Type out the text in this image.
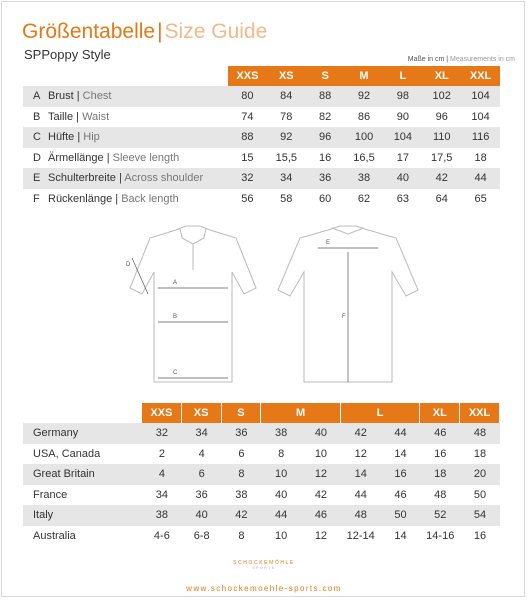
Größentabelle|Size Guide
SPPoppy Style	Maße in cm | Measurements in cm
XXS	XS	S	M	L	XL	XXL
A Brust | Chest	80	84	88	92	98	102	104
B Taille | Waist	74	78	82	86	90	96	104
C Hüfte | Hip	88	92	96	100	104	110	116
D Ärmellänge | Sleeve length	15	15,5	16	16,5	17	17,5	18
E Schulterbreite | Across shoulder	32	34	36	38	40	42	44
F Rückenlänge | Back length	56	58	60	62	63	64	65
A
B
C
D
E
F
XXS	XS	S	M	L	XL	XXL
Germany	32	34	36	38	40	42	44	46	48
USA, Canada	2	4	6	8	10	12	14	16	18
Great Britain	4	6	8	10	12	14	16	18	20
France	34	36	38	40	42	44	46	48	50
Italy	38	40	42	44	46	48	50	52	54
Australia	4-6	6-8	8	10	12	12-14	14	14-16	16
SCHOCKEMÖHLE
SPORTS
www.schockemoehle-sports.com
